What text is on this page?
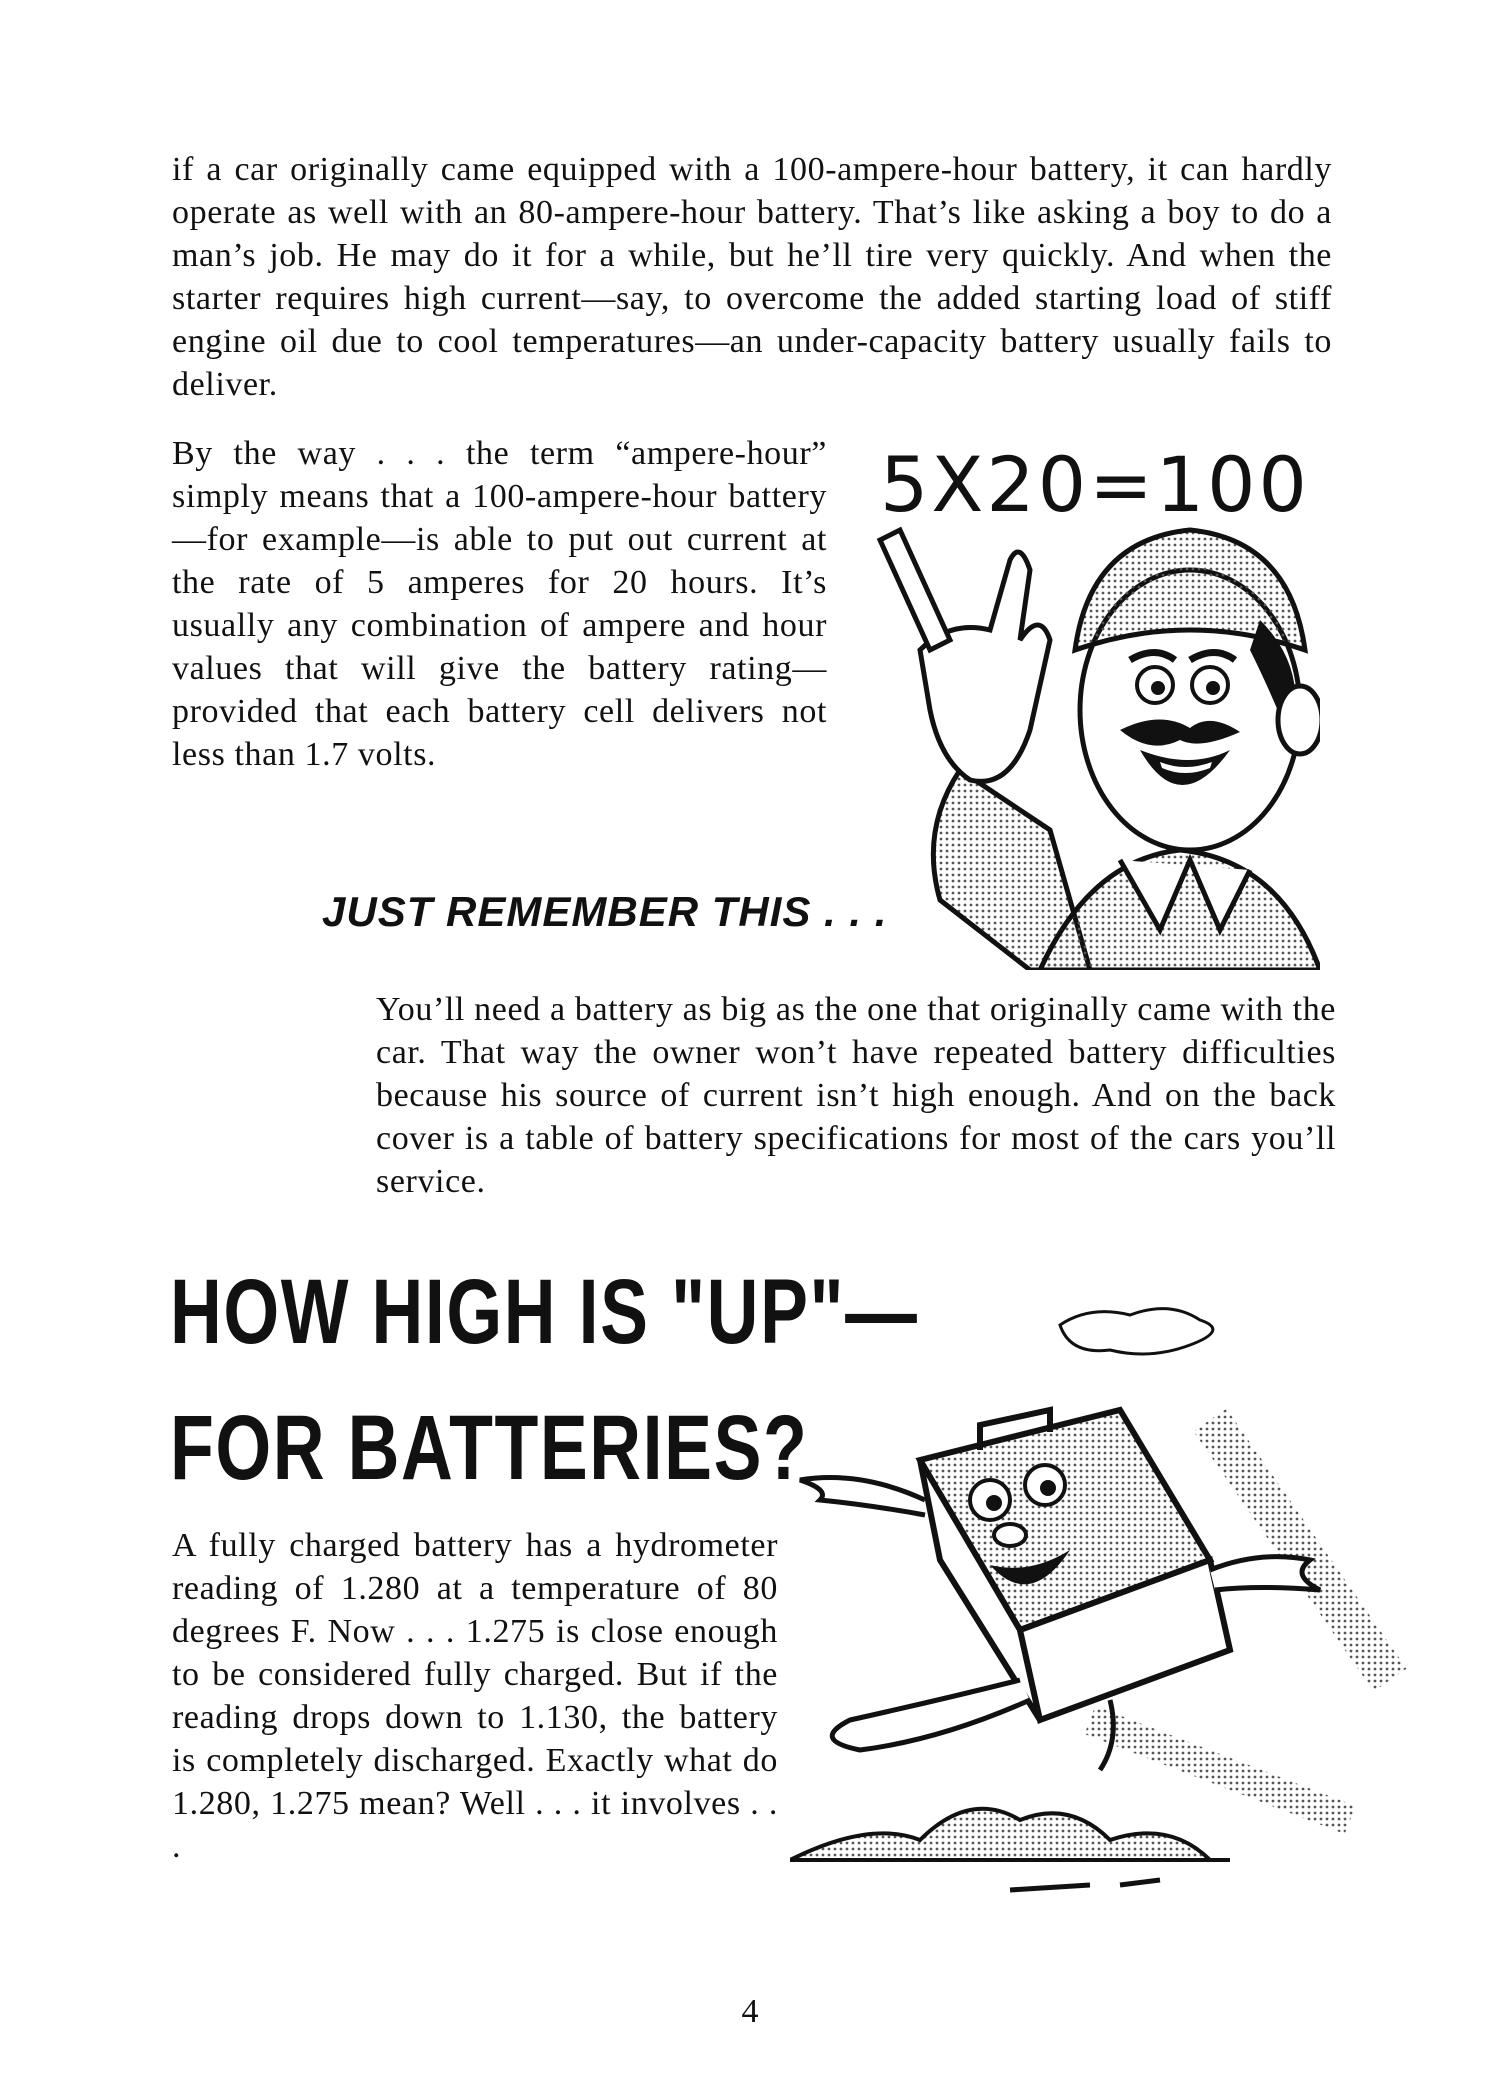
if a car originally came equipped with a 100-ampere-hour battery, it can hardly operate as well with an 80-ampere-hour battery. That’s like asking a boy to do a man’s job. He may do it for a while, but he’ll tire very quickly. And when the starter requires high current—say, to overcome the added starting load of stiff engine oil due to cool temperatures—an under-capacity battery usually fails to deliver.

By the way . . . the term “ampere-hour” simply means that a 100-ampere-hour battery—for example—is able to put out current at the rate of 5 amperes for 20 hours. It’s usually any combination of ampere and hour values that will give the battery rating—provided that each battery cell delivers not less than 1.7 volts.

5X20=100
JUST REMEMBER THIS . . .

You’ll need a battery as big as the one that originally came with the car. That way the owner won’t have repeated battery difficulties because his source of current isn’t high enough. And on the back cover is a table of battery specifications for most of the cars you’ll service.

HOW HIGH IS "UP"—
FOR BATTERIES?

A fully charged battery has a hydrometer reading of 1.280 at a temperature of 80 degrees F. Now . . . 1.275 is close enough to be considered fully charged. But if the reading drops down to 1.130, the battery is completely discharged. Exactly what do 1.280, 1.275 mean? Well . . . it involves . . .

4
